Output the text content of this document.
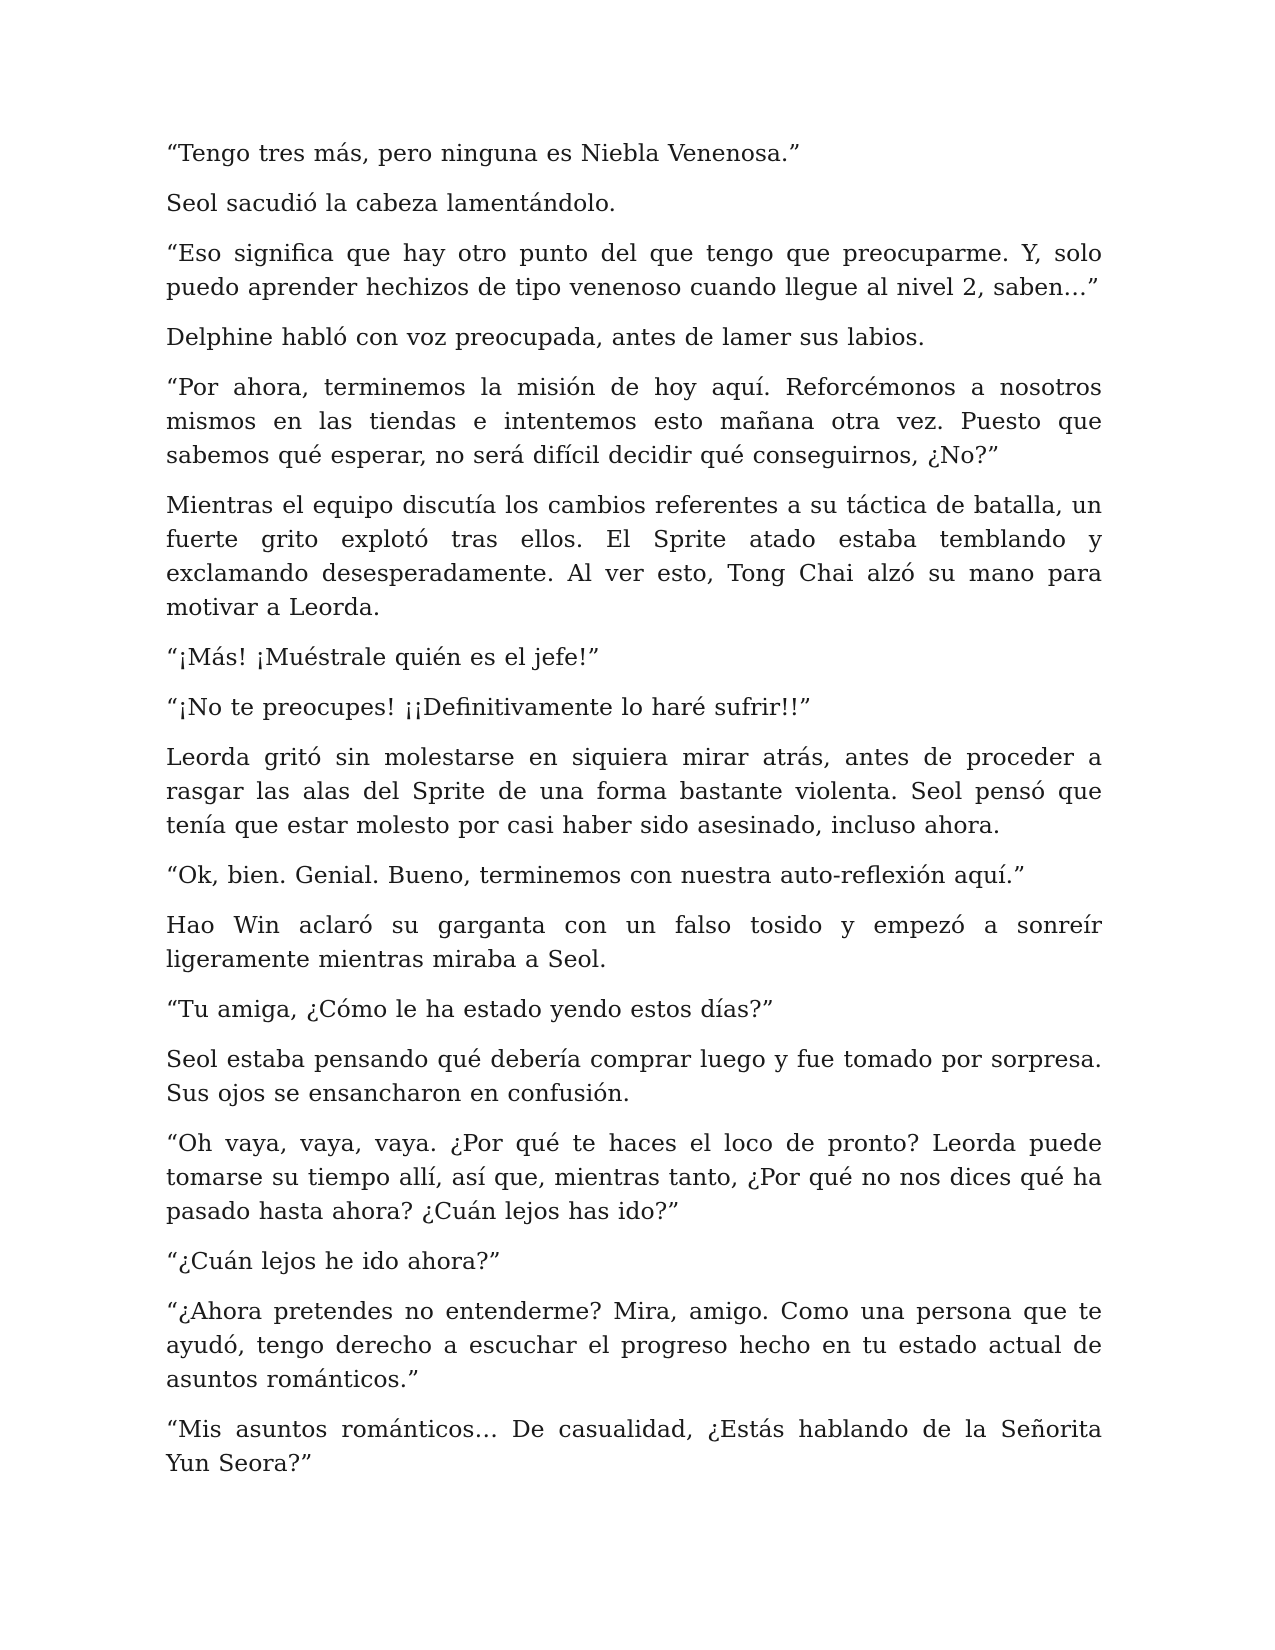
“Tengo tres más, pero ninguna es Niebla Venenosa.”

Seol sacudió la cabeza lamentándolo.

“Eso significa que hay otro punto del que tengo que preocuparme. Y, solo puedo aprender hechizos de tipo venenoso cuando llegue al nivel 2, saben…”

Delphine habló con voz preocupada, antes de lamer sus labios.

“Por ahora, terminemos la misión de hoy aquí. Reforcémonos a nosotros mismos en las tiendas e intentemos esto mañana otra vez. Puesto que sabemos qué esperar, no será difícil decidir qué conseguirnos, ¿No?”

Mientras el equipo discutía los cambios referentes a su táctica de batalla, un fuerte grito explotó tras ellos. El Sprite atado estaba temblando y exclamando desesperadamente. Al ver esto, Tong Chai alzó su mano para motivar a Leorda.

“¡Más! ¡Muéstrale quién es el jefe!”

“¡No te preocupes! ¡¡Definitivamente lo haré sufrir!!”

Leorda gritó sin molestarse en siquiera mirar atrás, antes de proceder a rasgar las alas del Sprite de una forma bastante violenta. Seol pensó que tenía que estar molesto por casi haber sido asesinado, incluso ahora.

“Ok, bien. Genial. Bueno, terminemos con nuestra auto-reflexión aquí.”

Hao Win aclaró su garganta con un falso tosido y empezó a sonreír ligeramente mientras miraba a Seol.

“Tu amiga, ¿Cómo le ha estado yendo estos días?”

Seol estaba pensando qué debería comprar luego y fue tomado por sorpresa. Sus ojos se ensancharon en confusión.

“Oh vaya, vaya, vaya. ¿Por qué te haces el loco de pronto? Leorda puede tomarse su tiempo allí, así que, mientras tanto, ¿Por qué no nos dices qué ha pasado hasta ahora? ¿Cuán lejos has ido?”

“¿Cuán lejos he ido ahora?”

“¿Ahora pretendes no entenderme? Mira, amigo. Como una persona que te ayudó, tengo derecho a escuchar el progreso hecho en tu estado actual de asuntos románticos.”

“Mis asuntos románticos… De casualidad, ¿Estás hablando de la Señorita Yun Seora?”
